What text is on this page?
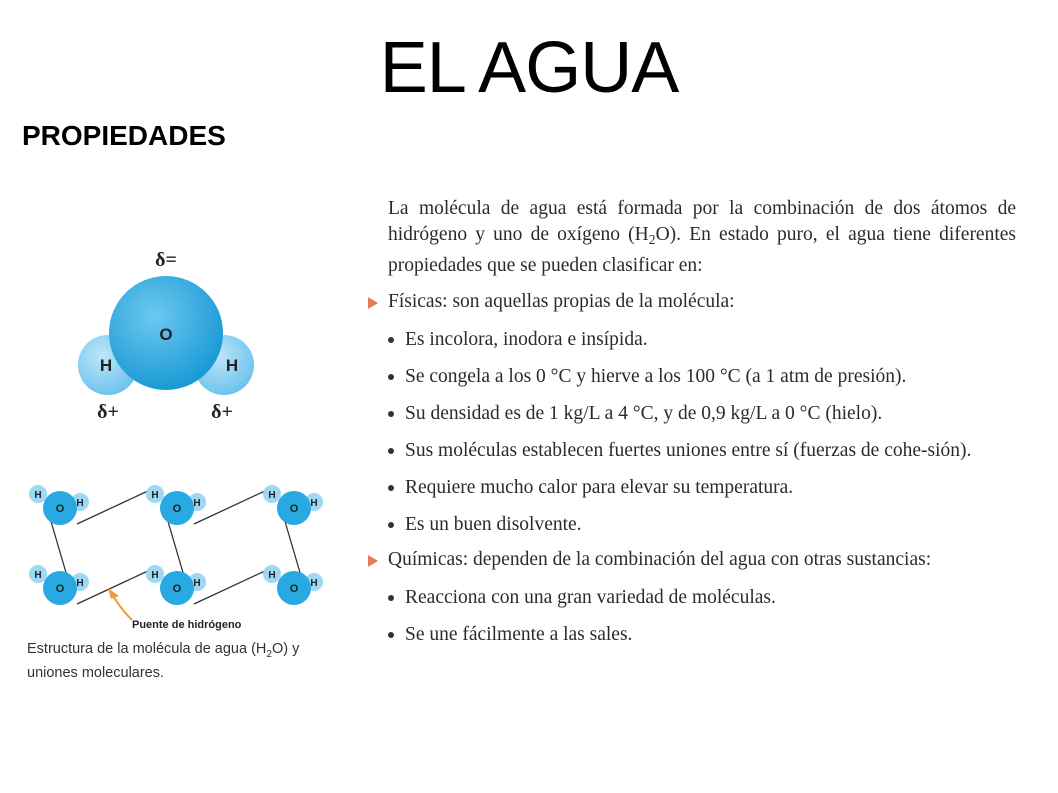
EL AGUA
PROPIEDADES
O
H	H
δ=
δ+	δ+
H
H
O
H
H
O
H
H
O
H
H
O
H
H
O
H
H
O
Puente de hidrógeno
Estructura de la molécula de agua $(H_2O)$ y uniones moleculares.

La molécula de agua está formada por la combinación de dos átomos de hidrógeno y uno de oxígeno $(H_2O)$. En estado puro, el agua tiene diferentes propiedades que se pueden clasificar en:

Físicas: son aquellas propias de la molécula:
Es incolora, inodora e insípida.
Se congela a los 0 °C y hierve a los 100 °C (a 1 atm de presión).
Su densidad es de 1 kg/L a 4 °C, y de 0,9 kg/L a 0 °C (hielo).
Sus moléculas establecen fuertes uniones entre sí (fuerzas de cohe-sión).
Requiere mucho calor para elevar su temperatura.
Es un buen disolvente.
Químicas: dependen de la combinación del agua con otras sustancias:
Reacciona con una gran variedad de moléculas.
Se une fácilmente a las sales.
